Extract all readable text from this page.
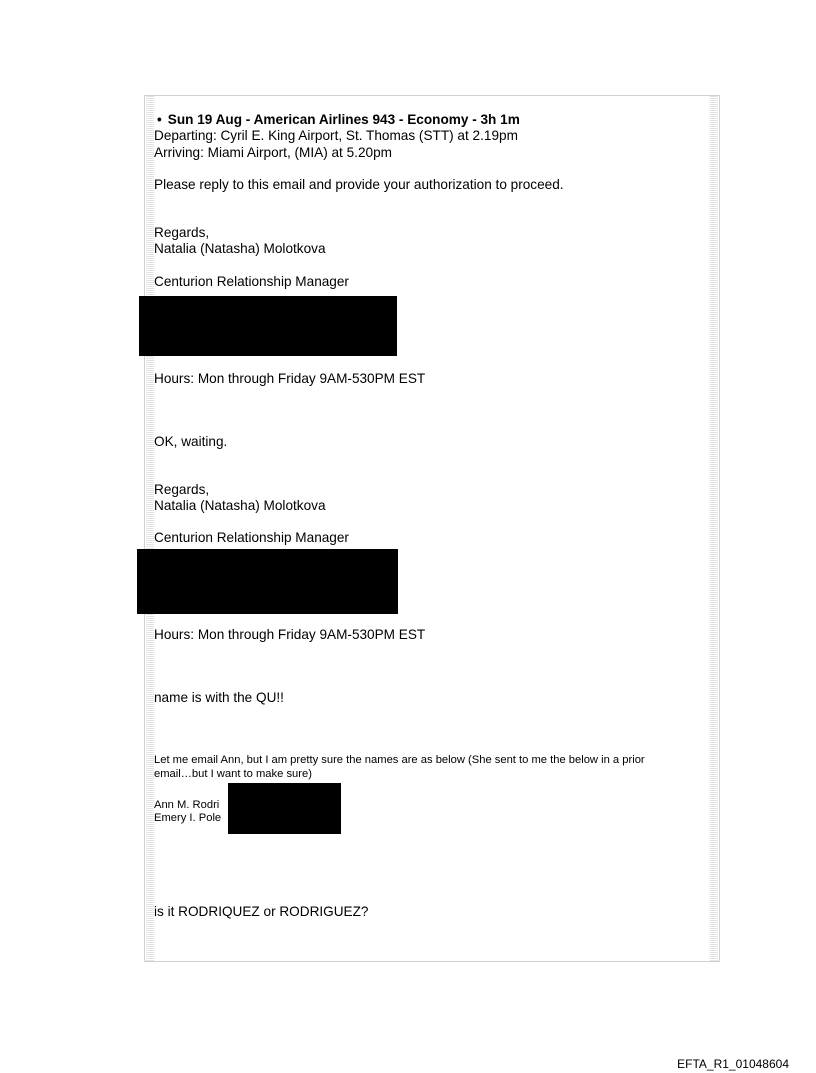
• Sun 19 Aug - American Airlines 943 - Economy - 3h 1m
Departing: Cyril E. King Airport, St. Thomas (STT) at 2.19pm
Arriving: Miami Airport, (MIA) at 5.20pm
Please reply to this email and provide your authorization to proceed.
Regards,
Natalia (Natasha) Molotkova
Centurion Relationship Manager
Hours: Mon through Friday 9AM-530PM EST
OK, waiting.
Regards,
Natalia (Natasha) Molotkova
Centurion Relationship Manager
Hours: Mon through Friday 9AM-530PM EST
name is with the QU!!
Let me email Ann, but I am pretty sure the names are as below (She sent to me the below in a prior
email…but I want to make sure)
Ann M. Rodri
Emery I. Pole
is it RODRIQUEZ or RODRIGUEZ?
EFTA_R1_01048604
